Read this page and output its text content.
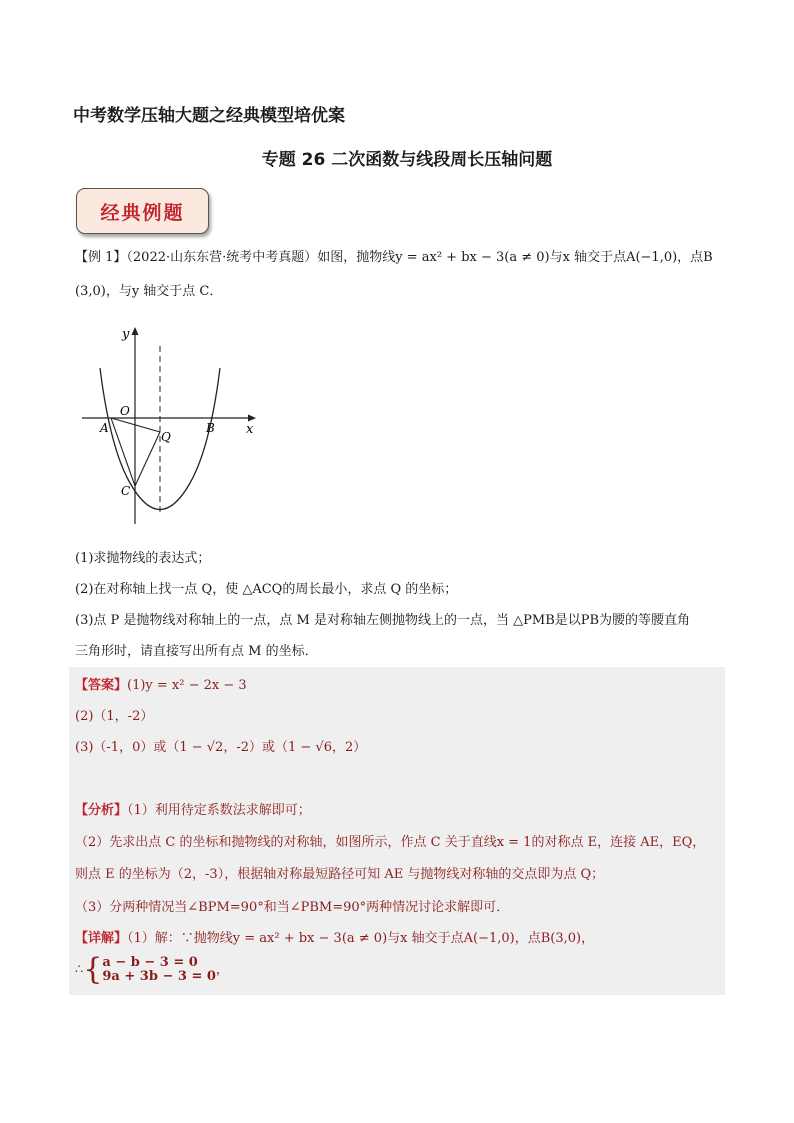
中考数学压轴大题之经典模型培优案
专题 26 二次函数与线段周长压轴问题
经典例题
【例 1】（2022·山东东营·统考中考真题）如图，抛物线y = ax² + bx − 3(a ≠ 0)与x 轴交于点A(−1,0)，点B
(3,0)，与y 轴交于点 C．
y
x
O
A	B
Q
C
(1)求抛物线的表达式；
(2)在对称轴上找一点 Q，使 △ACQ的周长最小，求点 Q 的坐标；
(3)点 P 是抛物线对称轴上的一点，点 M 是对称轴左侧抛物线上的一点，当 △PMB是以PB为腰的等腰直角
三角形时，请直接写出所有点 M 的坐标．
【答案】(1)y = x² − 2x − 3
(2)（1，-2）
(3)（-1，0）或（1 − √2，-2）或（1 − √6，2）
【分析】（1）利用待定系数法求解即可；
（2）先求出点 C 的坐标和抛物线的对称轴，如图所示，作点 C 关于直线x = 1的对称点 E，连接 AE，EQ，
则点 E 的坐标为（2，-3），根据轴对称最短路径可知 AE 与抛物线对称轴的交点即为点 Q；
（3）分两种情况当∠BPM=90°和当∠PBM=90°两种情况讨论求解即可．
【详解】（1）解：∵抛物线y = ax² + bx − 3(a ≠ 0)与x 轴交于点A(−1,0)，点B(3,0)，
∴{ a − b − 3 = 0
9a + 3b − 3 = 0 ，
